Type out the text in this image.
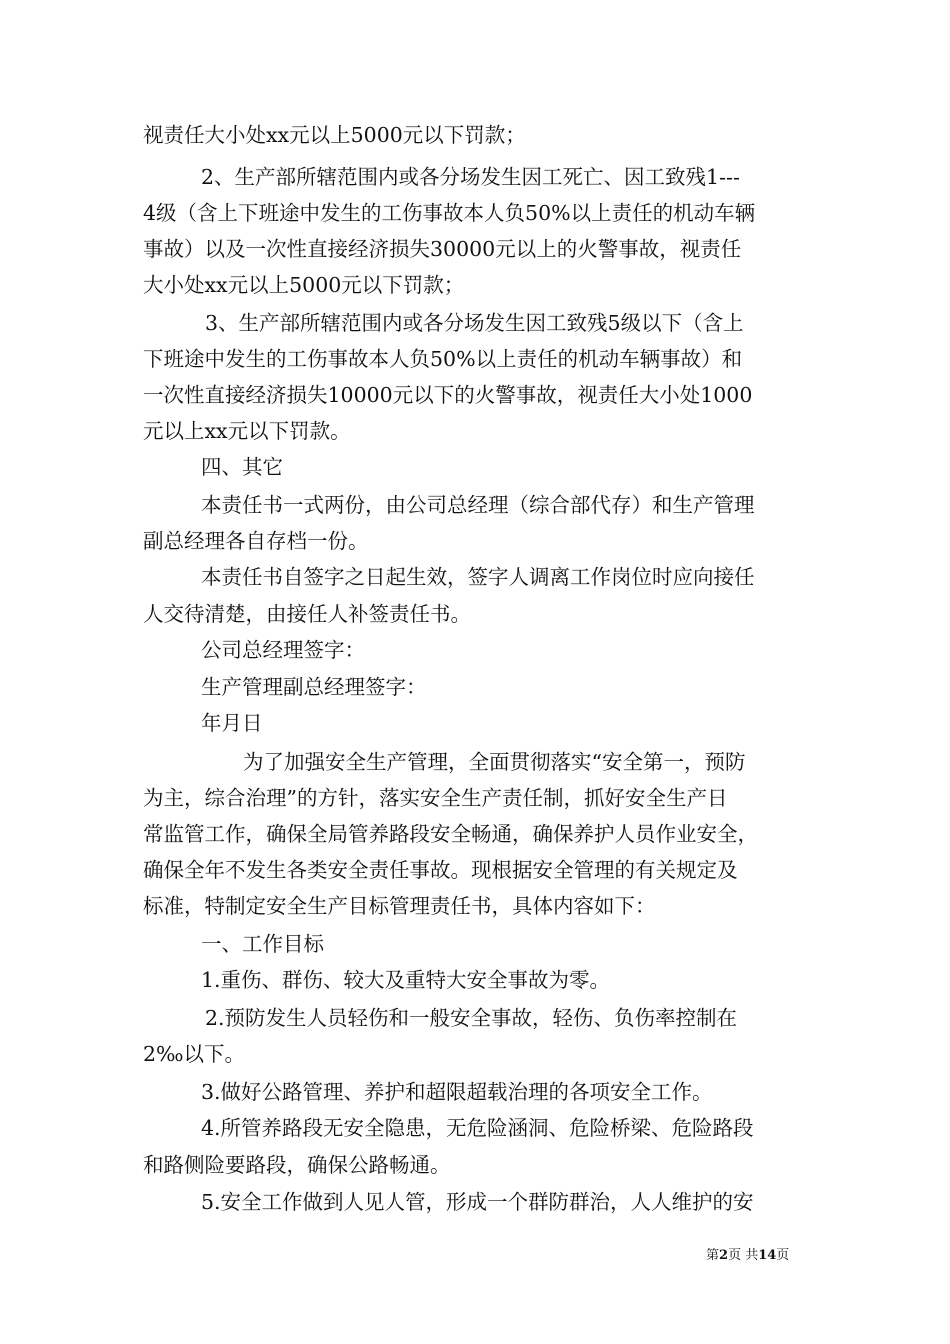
视责任大小处xx元以上5000元以下罚款；
2、生产部所辖范围内或各分场发生因工死亡、因工致残1---
4级（含上下班途中发生的工伤事故本人负50%以上责任的机动车辆
事故）以及一次性直接经济损失30000元以上的火警事故，视责任
大小处xx元以上5000元以下罚款；
3、生产部所辖范围内或各分场发生因工致残5级以下（含上
下班途中发生的工伤事故本人负50%以上责任的机动车辆事故）和
一次性直接经济损失10000元以下的火警事故，视责任大小处1000
元以上xx元以下罚款。
四、其它
本责任书一式两份，由公司总经理（综合部代存）和生产管理
副总经理各自存档一份。
本责任书自签字之日起生效，签字人调离工作岗位时应向接任
人交待清楚，由接任人补签责任书。
公司总经理签字：
生产管理副总经理签字：
年月日
为了加强安全生产管理，全面贯彻落实“安全第一，预防
为主，综合治理”的方针，落实安全生产责任制，抓好安全生产日
常监管工作，确保全局管养路段安全畅通，确保养护人员作业安全，
确保全年不发生各类安全责任事故。现根据安全管理的有关规定及
标准，特制定安全生产目标管理责任书，具体内容如下：
一、工作目标
1.重伤、群伤、较大及重特大安全事故为零。
2.预防发生人员轻伤和一般安全事故，轻伤、负伤率控制在
2‰以下。
3.做好公路管理、养护和超限超载治理的各项安全工作。
4.所管养路段无安全隐患，无危险涵洞、危险桥梁、危险路段
和路侧险要路段，确保公路畅通。
5.安全工作做到人见人管，形成一个群防群治，人人维护的安
第2页 共14页
